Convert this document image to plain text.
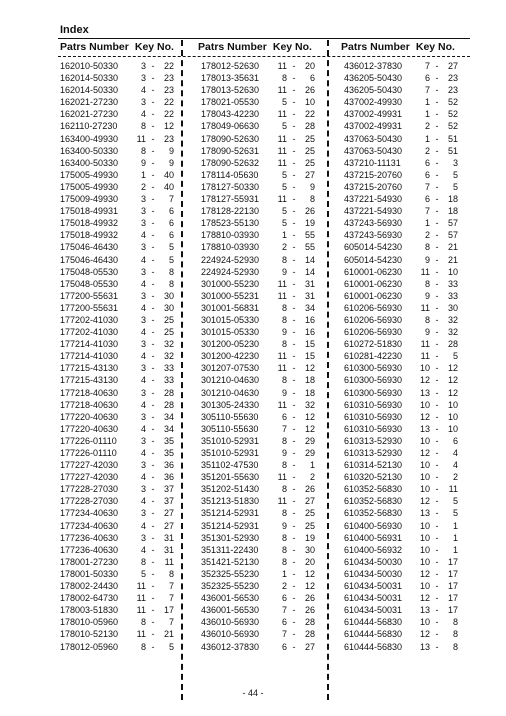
Index
Patrs Number Key No.
162010-50330	3 -	22
162014-50330	3 -	23
162014-50330	4 -	23
162021-27230	3 -	22
162021-27230	4 -	22
162110-27230	8 -	12
163400-49930	11 -	23
163400-50330	8 -	9
163400-50330	9 -	9
175005-49930	1 -	40
175005-49930	2 -	40
175009-49930	3 -	7
175018-49931	3 -	6
175018-49932	3 -	6
175018-49932	4 -	6
175046-46430	3 -	5
175046-46430	4 -	5
175048-05530	3 -	8
175048-05530	4 -	8
177200-55631	3 -	30
177200-55631	4 -	30
177202-41030	3 -	25
177202-41030	4 -	25
177214-41030	3 -	32
177214-41030	4 -	32
177215-43130	3 -	33
177215-43130	4 -	33
177218-40630	3 -	28
177218-40630	4 -	28
177220-40630	3 -	34
177220-40630	4 -	34
177226-01110	3 -	35
177226-01110	4 -	35
177227-42030	3 -	36
177227-42030	4 -	36
177228-27030	3 -	37
177228-27030	4 -	37
177234-40630	3 -	27
177234-40630	4 -	27
177236-40630	3 -	31
177236-40630	4 -	31
178001-27230	8 -	11
178001-50330	5 -	8
178002-24430	11 -	7
178002-64730	11 -	7
178003-51830	11 -	17
178010-05960	8 -	7
178010-52130	11 -	21
178012-05960	8 -	5
Patrs Number Key No.
178012-52630	11 -	20
178013-35631	8 -	6
178013-52630	11 -	26
178021-05530	5 -	10
178043-42230	11 -	22
178049-06630	5 -	28
178090-52630	11 -	25
178090-52631	11 -	25
178090-52632	11 -	25
178114-05630	5 -	27
178127-50330	5 -	9
178127-55931	11 -	8
178128-22130	5 -	26
178523-55130	5 -	19
178810-03930	1 -	55
178810-03930	2 -	55
224924-52930	8 -	14
224924-52930	9 -	14
301000-55230	11 -	31
301000-55231	11 -	31
301001-56831	8 -	34
301015-05330	8 -	16
301015-05330	9 -	16
301200-05230	8 -	15
301200-42230	11 -	15
301207-07530	11 -	12
301210-04630	8 -	18
301210-04630	9 -	18
301305-24330	11 -	32
305110-55630	6 -	12
305110-55630	7 -	12
351010-52931	8 -	29
351010-52931	9 -	29
351102-47530	8 -	1
351201-55630	11 -	2
351202-51430	8 -	26
351213-51830	11 -	27
351214-52931	8 -	25
351214-52931	9 -	25
351301-52930	8 -	19
351311-22430	8 -	30
351421-52130	8 -	20
352325-55230	1 -	12
352325-55230	2 -	12
436001-56530	6 -	26
436001-56530	7 -	26
436010-56930	6 -	28
436010-56930	7 -	28
436012-37830	6 -	27
Patrs Number Key No.
436012-37830	7 -	27
436205-50430	6 -	23
436205-50430	7 -	23
437002-49930	1 -	52
437002-49931	1 -	52
437002-49931	2 -	52
437063-50430	1 -	51
437063-50430	2 -	51
437210-11131	6 -	3
437215-20760	6 -	5
437215-20760	7 -	5
437221-54930	6 -	18
437221-54930	7 -	18
437243-56930	1 -	57
437243-56930	2 -	57
605014-54230	8 -	21
605014-54230	9 -	21
610001-06230	11 -	10
610001-06230	8 -	33
610001-06230	9 -	33
610206-56930	11 -	30
610206-56930	8 -	32
610206-56930	9 -	32
610272-51830	11 -	28
610281-42230	11 -	5
610300-56930	10 -	12
610300-56930	12 -	12
610300-56930	13 -	12
610310-56930	10 -	10
610310-56930	12 -	10
610310-56930	13 -	10
610313-52930	10 -	6
610313-52930	12 -	4
610314-52130	10 -	4
610320-52130	10 -	2
610352-56830	10 -	11
610352-56830	12 -	5
610352-56830	13 -	5
610400-56930	10 -	1
610400-56931	10 -	1
610400-56932	10 -	1
610434-50030	10 -	17
610434-50030	12 -	17
610434-50031	10 -	17
610434-50031	12 -	17
610434-50031	13 -	17
610444-56830	10 -	8
610444-56830	12 -	8
610444-56830	13 -	8
- 44 -
